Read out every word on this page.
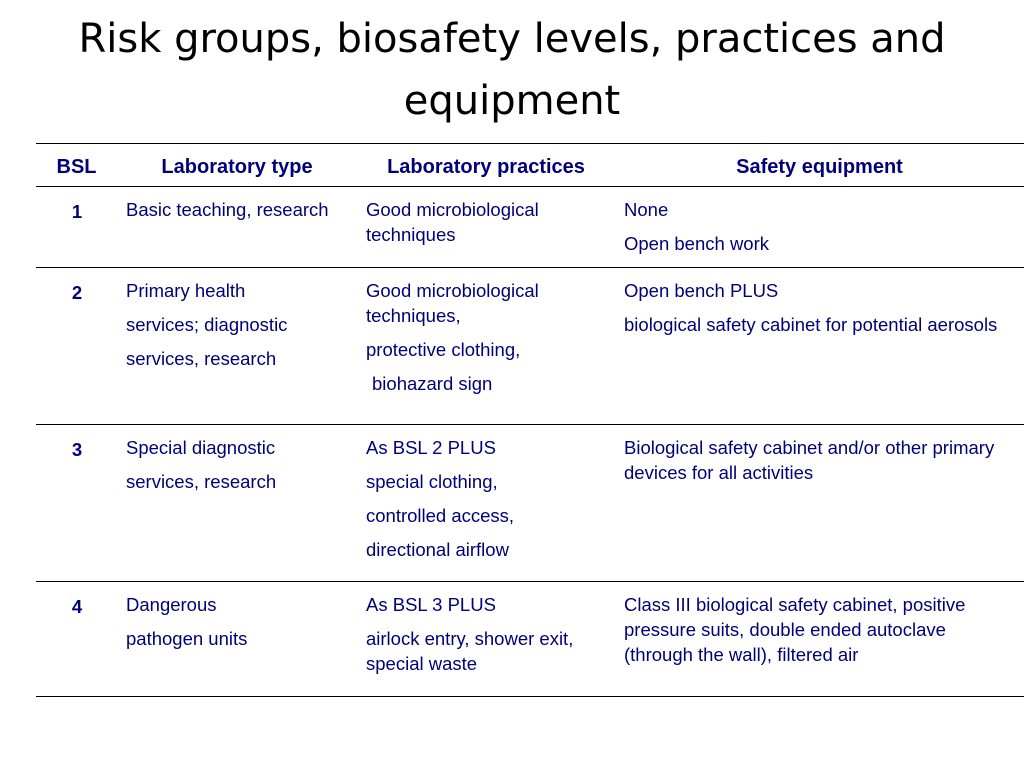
Risk groups, biosafety levels, practices and
equipment
BSL	Laboratory type	Laboratory practices	Safety equipment
1	Basic teaching, research	Good microbiological techniques	None
Open bench work

2	Primary health
services; diagnostic
services, research	Good microbiological techniques,
protective clothing,
biohazard sign	Open bench PLUS
biological safety cabinet for potential aerosols

3	Special diagnostic
services, research	As BSL 2 PLUS
special clothing,
controlled access,
directional airflow	Biological safety cabinet and/or other primary devices for all activities

4	Dangerous
pathogen units	As BSL 3 PLUS
airlock entry, shower exit, special waste	Class III biological safety cabinet, positive pressure suits, double ended autoclave (through the wall), filtered air
